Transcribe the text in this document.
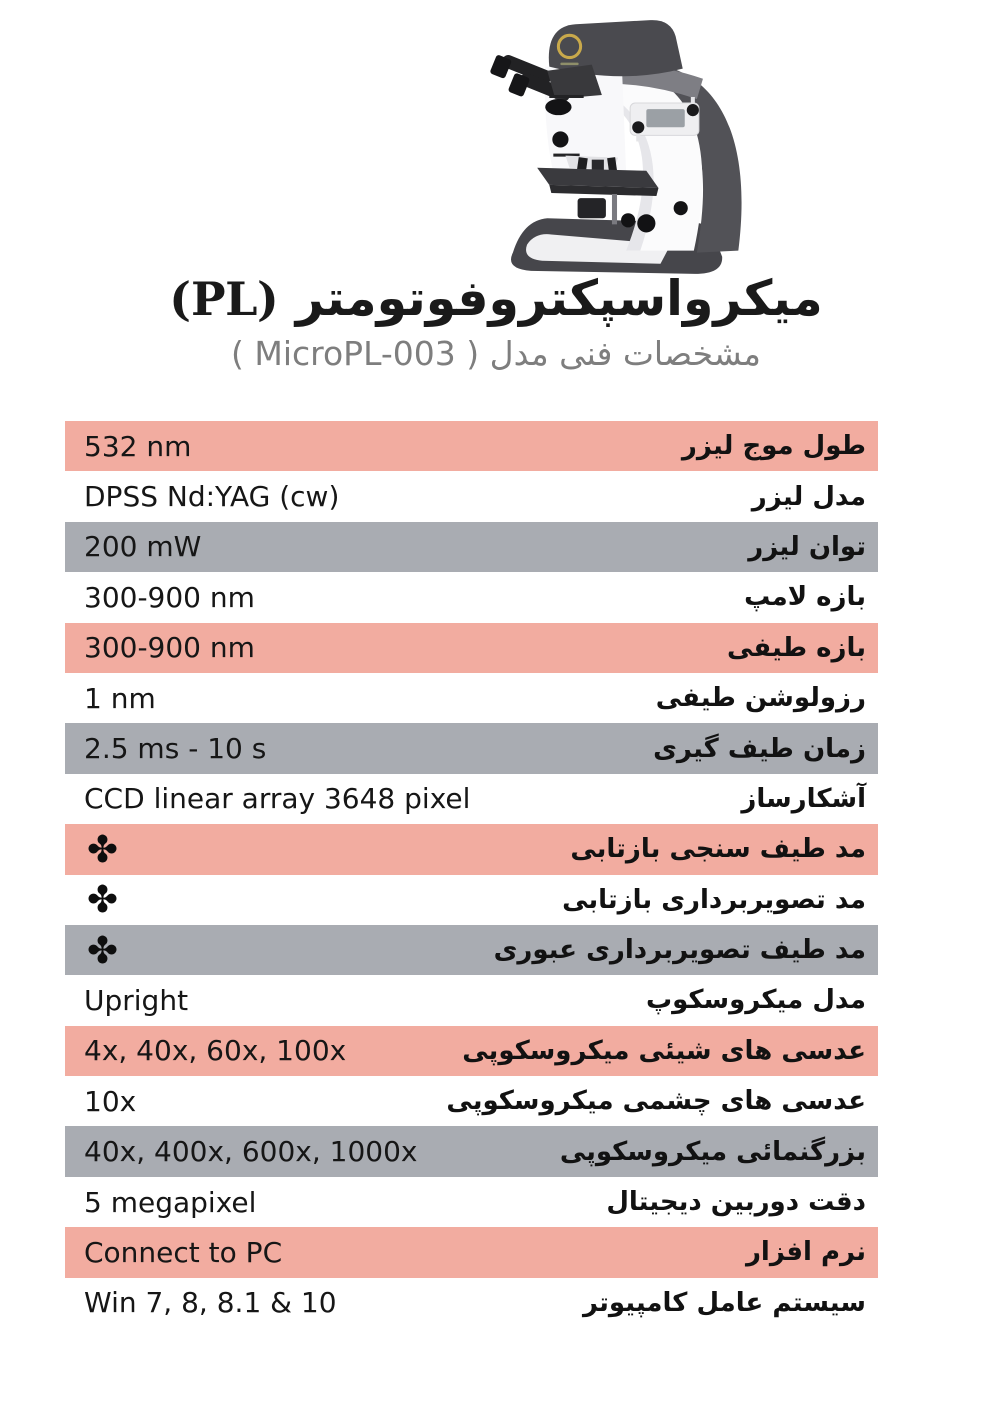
میکرواسپکتروفوتومتر (PL)

مشخصات فنی مدل ( MicroPL-003 )

532 nm	طول موج لیزر
DPSS Nd:YAG (cw)	مدل لیزر
200 mW	توان لیزر
300-900 nm	بازه لامپ
300-900 nm	بازه طیفی
1 nm	رزولوشن طیفی
2.5 ms - 10 s	زمان طیف گیری
CCD linear array 3648 pixel	آشکارساز
✤	مد طیف سنجی بازتابی
✤	مد تصویربرداری بازتابی
✤	مد طیف تصویربرداری عبوری
Upright	مدل میکروسکوپ
4x, 40x, 60x, 100x	عدسی های شیئی میکروسکوپی
10x	عدسی های چشمی میکروسکوپی
40x, 400x, 600x, 1000x	بزرگنمائی میکروسکوپی
5 megapixel	دقت دوربین دیجیتال
Connect to PC	نرم افزار
Win 7, 8, 8.1 & 10	سیستم عامل کامپیوتر
